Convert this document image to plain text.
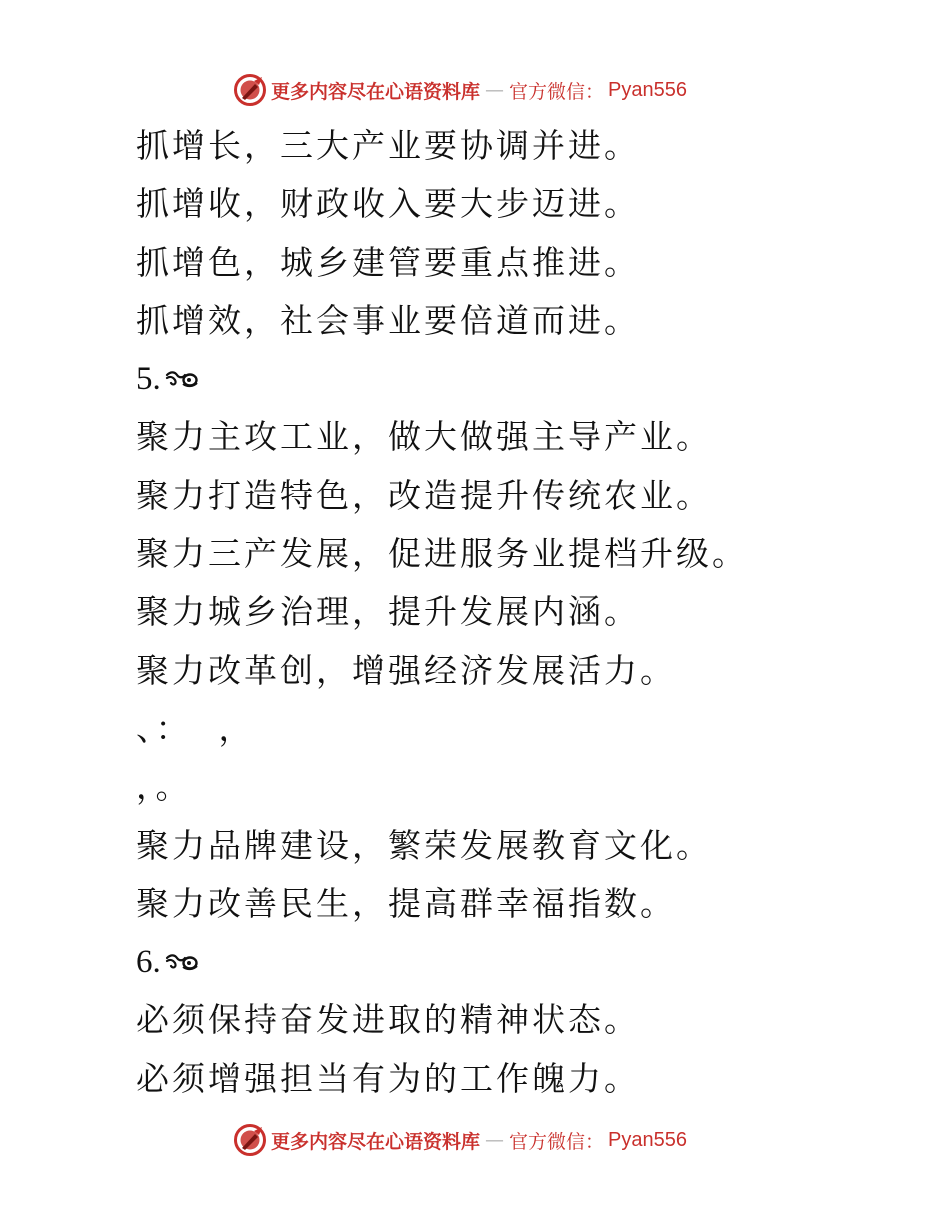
更多内容尽在心语资料库 — 官方微信： Pyan556
抓增长，三大产业要协调并进。
抓增收，财政收入要大步迈进。
抓增色，城乡建管要重点推进。
抓增效，社会事业要倍道而进。
5.
聚力主攻工业，做大做强主导产业。
聚力打造特色，改造提升传统农业。
聚力三产发展，促进服务业提档升级。
聚力城乡治理，提升发展内涵。
聚力改革创，增强经济发展活力。
、：  ，
，。
聚力品牌建设，繁荣发展教育文化。
聚力改善民生，提高群幸福指数。
6.
必须保持奋发进取的精神状态。
必须增强担当有为的工作魄力。
更多内容尽在心语资料库 — 官方微信： Pyan556
